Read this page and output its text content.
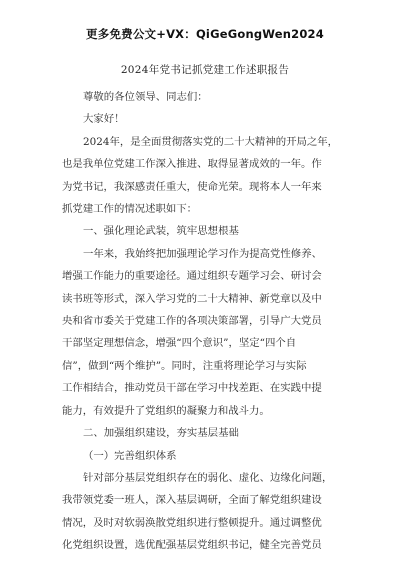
更多免费公文+VX：QiGeGongWen2024
2024年党书记抓党建工作述职报告
尊敬的各位领导、同志们：
大家好！
2024年，是全面贯彻落实党的二十大精神的开局之年，
也是我单位党建工作深入推进、取得显著成效的一年。作
为党书记，我深感责任重大，使命光荣。现将本人一年来
抓党建工作的情况述职如下：
一、强化理论武装，筑牢思想根基
一年来，我始终把加强理论学习作为提高党性修养、
增强工作能力的重要途径。通过组织专题学习会、研讨会
读书班等形式，深入学习党的二十大精神、新党章以及中
央和省市委关于党建工作的各项决策部署，引导广大党员
干部坚定理想信念，增强“四个意识”，坚定“四个自
信”，做到“两个维护”。同时，注重将理论学习与实际
工作相结合，推动党员干部在学习中找差距、在实践中提
能力，有效提升了党组织的凝聚力和战斗力。
二、加强组织建设，夯实基层基础
（一）完善组织体系
针对部分基层党组织存在的弱化、虚化、边缘化问题，
我带领党委一班人，深入基层调研，全面了解党组织建设
情况，及时对软弱涣散党组织进行整顿提升。通过调整优
化党组织设置，选优配强基层党组织书记，健全完善党员
